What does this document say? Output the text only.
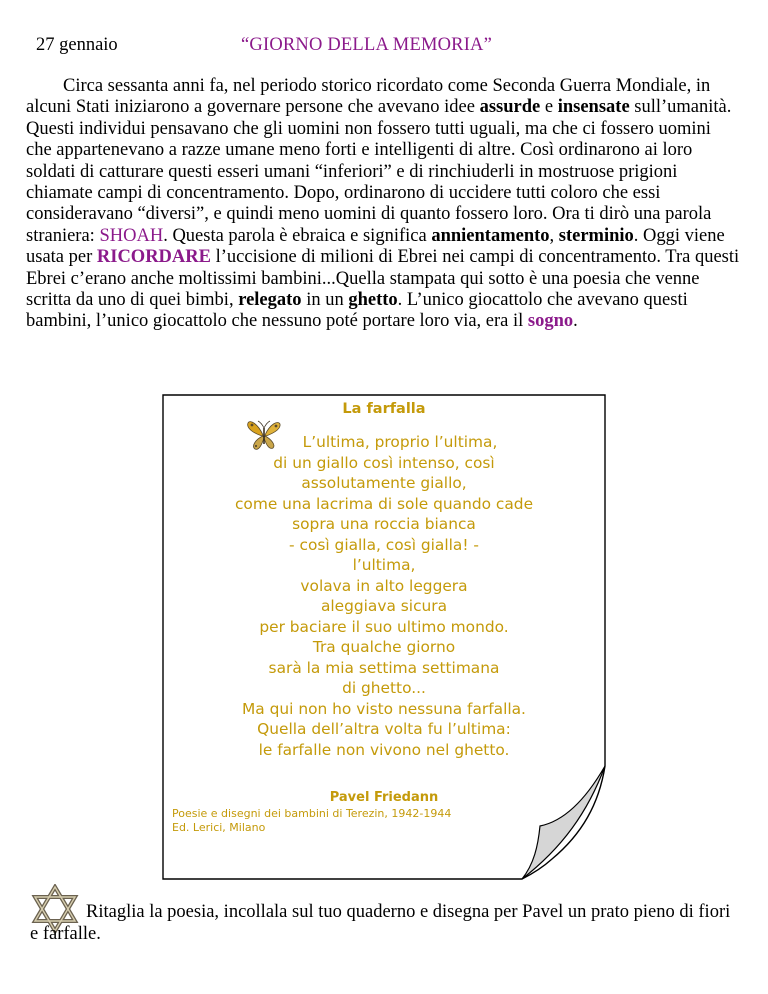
27 gennaio	“GIORNO DELLA MEMORIA”

Circa sessanta anni fa, nel periodo storico ricordato come Seconda Guerra Mondiale, in alcuni Stati iniziarono a governare persone che avevano idee assurde e insensate sull’umanità. Questi individui pensavano che gli uomini non fossero tutti uguali, ma che ci fossero uomini che appartenevano a razze umane meno forti e intelligenti di altre. Così ordinarono ai loro soldati di catturare questi esseri umani “inferiori” e di rinchiuderli in mostruose prigioni chiamate campi di concentramento. Dopo, ordinarono di uccidere tutti coloro che essi consideravano “diversi”, e quindi meno uomini di quanto fossero loro. Ora ti dirò una parola straniera: SHOAH. Questa parola è ebraica e significa annientamento, sterminio. Oggi viene usata per RICORDARE l’uccisione di milioni di Ebrei nei campi di concentramento. Tra questi Ebrei c’erano anche moltissimi bambini...Quella stampata qui sotto è una poesia che venne scritta da uno di quei bimbi, relegato in un ghetto. L’unico giocattolo che avevano questi bambini, l’unico giocattolo che nessuno poté portare loro via, era il sogno.

La farfalla
L’ultima, proprio l’ultima,
di un giallo così intenso, così
assolutamente giallo,
come una lacrima di sole quando cade
sopra una roccia bianca
- così gialla, così gialla! -
l’ultima,
volava in alto leggera
aleggiava sicura
per baciare il suo ultimo mondo.
Tra qualche giorno
sarà la mia settima settimana
di ghetto...
Ma qui non ho visto nessuna farfalla.
Quella dell’altra volta fu l’ultima:
le farfalle non vivono nel ghetto.
Pavel Friedann
Poesie e disegni dei bambini di Terezin, 1942-1944
Ed. Lerici, Milano

Ritaglia la poesia, incollala sul tuo quaderno e disegna per Pavel un prato pieno di fiori e farfalle.
